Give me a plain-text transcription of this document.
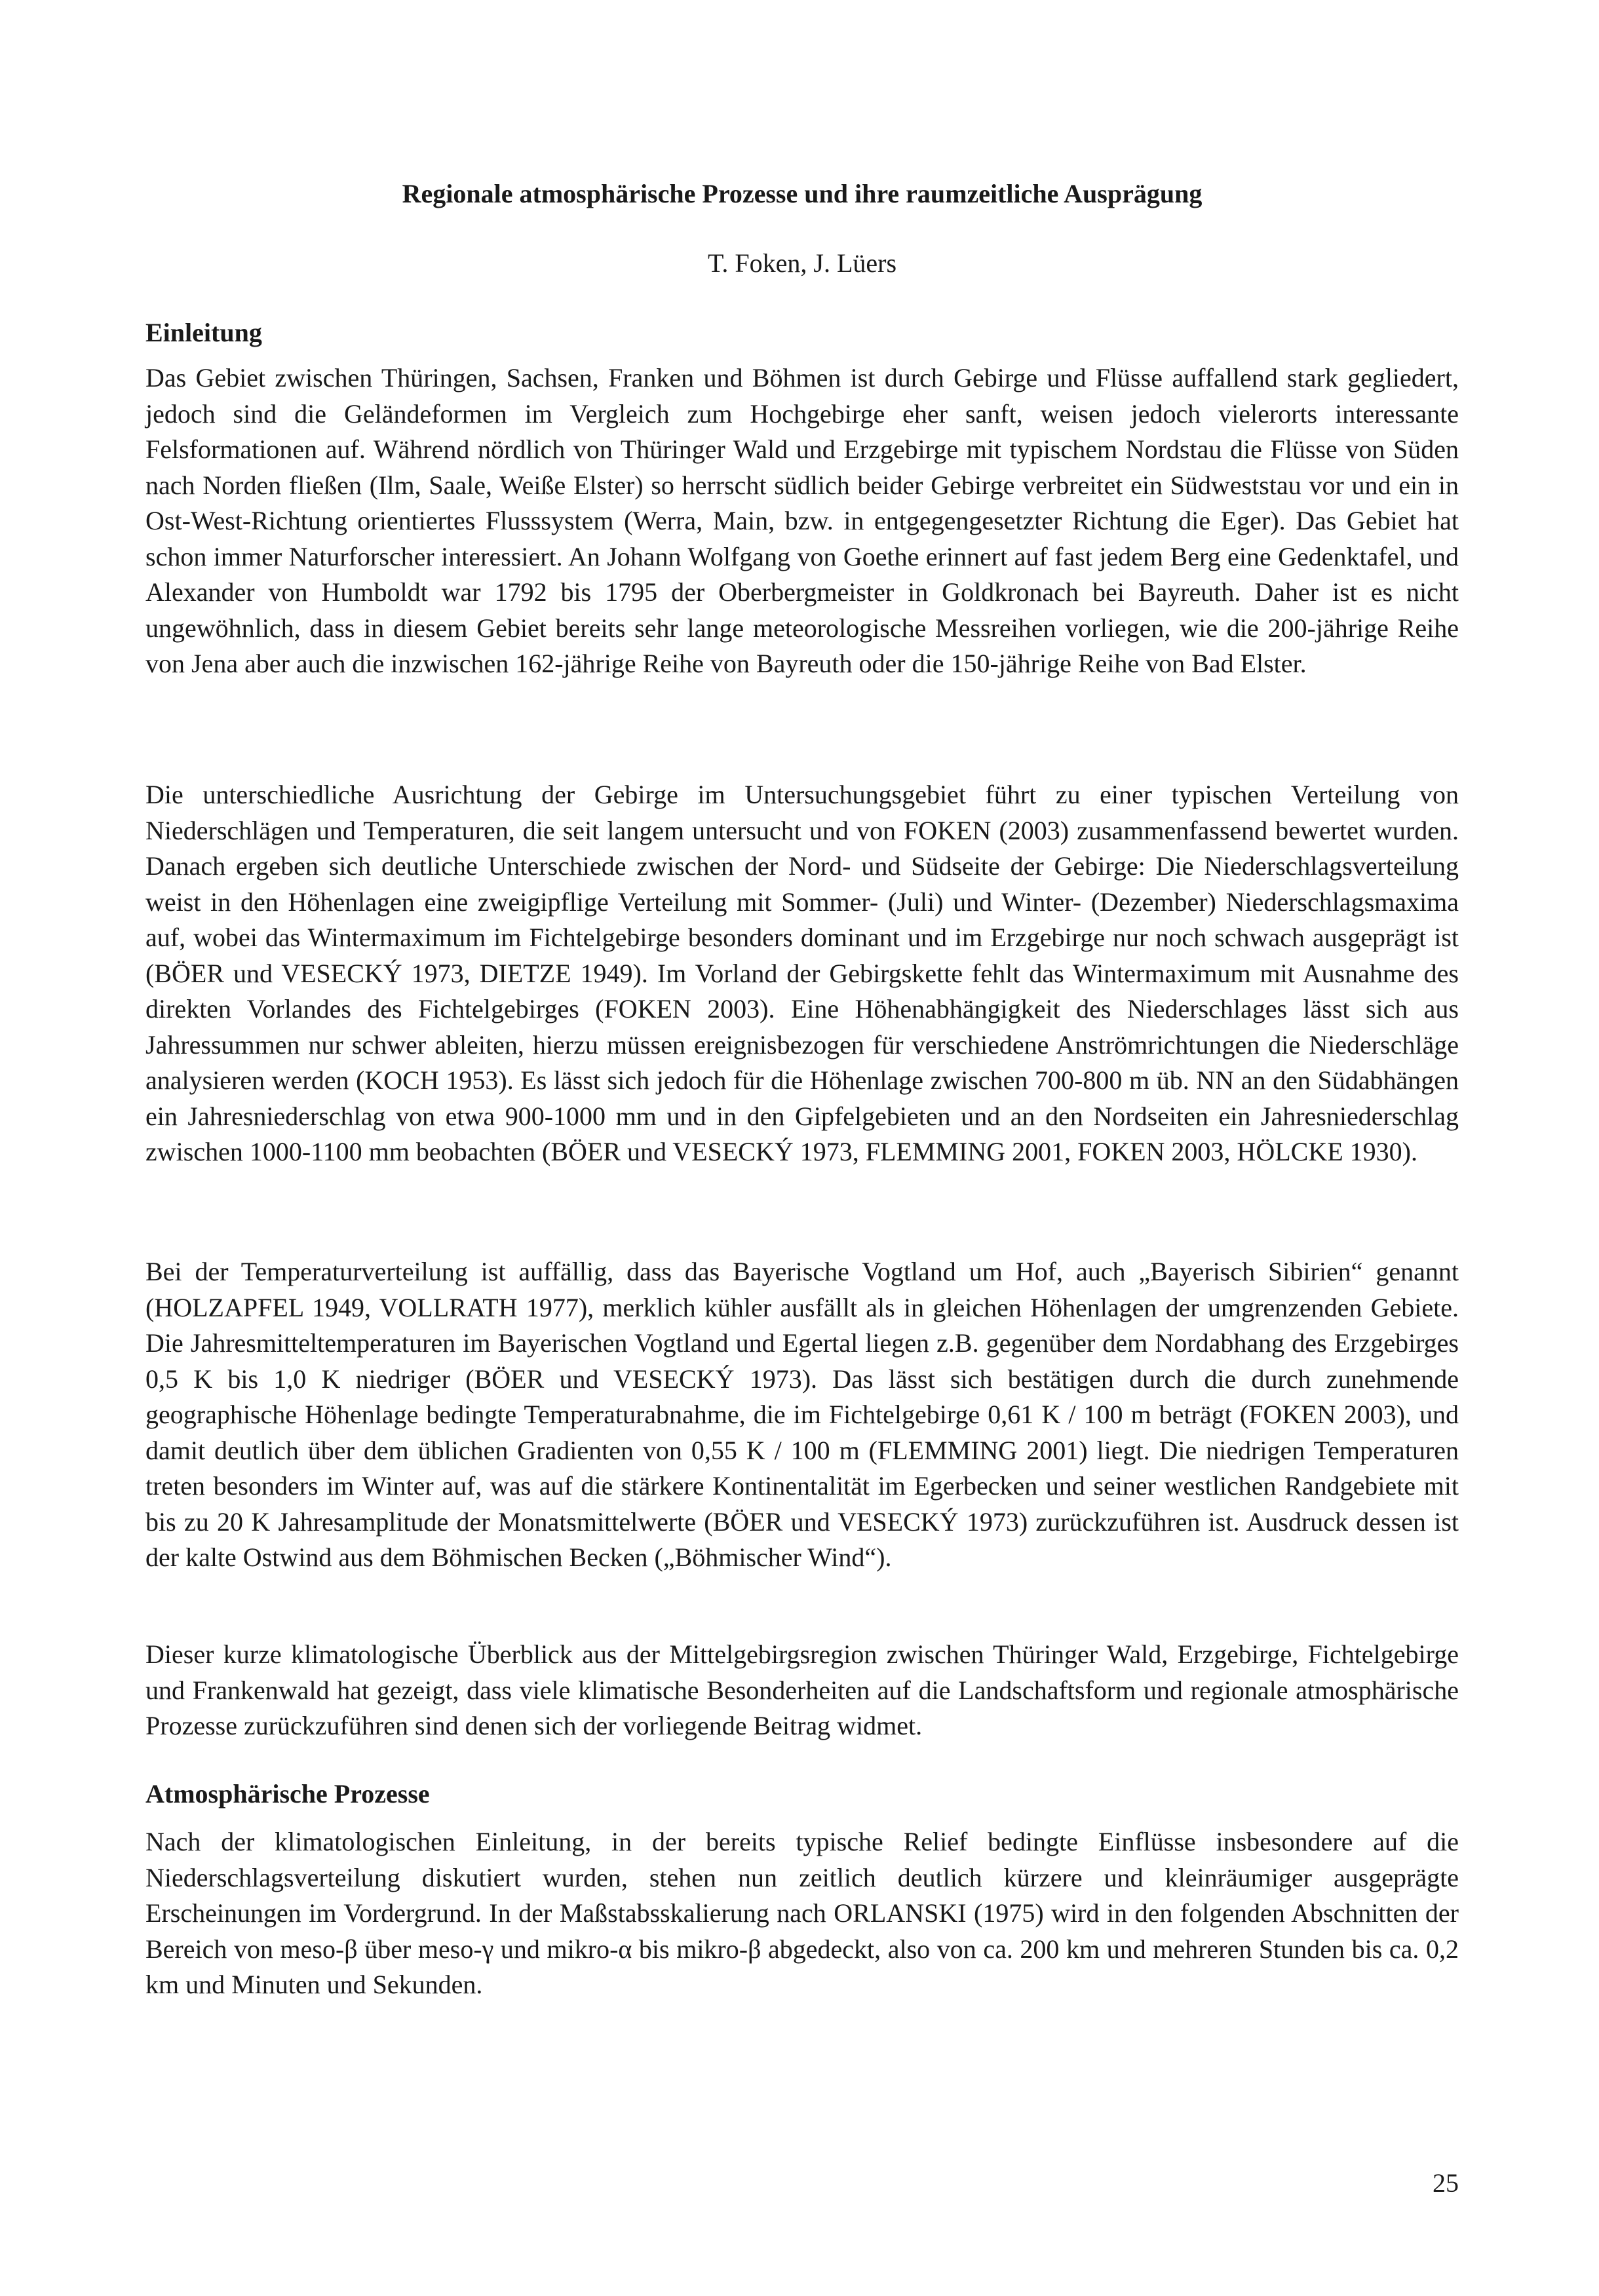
Regionale atmosphärische Prozesse und ihre raumzeitliche Ausprägung
T. Foken, J. Lüers
Einleitung

Das Gebiet zwischen Thüringen, Sachsen, Franken und Böhmen ist durch Gebirge und Flüsse auffallend stark gegliedert, jedoch sind die Geländeformen im Vergleich zum Hochgebirge eher sanft, weisen jedoch vielerorts interessante Felsformationen auf. Während nördlich von Thüringer Wald und Erzgebirge mit typischem Nordstau die Flüsse von Süden nach Norden fließen (Ilm, Saale, Weiße Elster) so herrscht südlich beider Gebirge verbreitet ein Südweststau vor und ein in Ost-West-Richtung orientiertes Flusssystem (Werra, Main, bzw. in entgegengesetzter Richtung die Eger). Das Gebiet hat schon immer Naturforscher interessiert. An Johann Wolfgang von Goethe erinnert auf fast jedem Berg eine Gedenktafel, und Alexander von Humboldt war 1792 bis 1795 der Oberbergmeister in Goldkronach bei Bayreuth. Daher ist es nicht ungewöhnlich, dass in diesem Gebiet bereits sehr lange meteorologische Messreihen vorliegen, wie die 200-jährige Reihe von Jena aber auch die inzwischen 162-jährige Reihe von Bayreuth oder die 150-jährige Reihe von Bad Elster.

Die unterschiedliche Ausrichtung der Gebirge im Untersuchungsgebiet führt zu einer typischen Verteilung von Niederschlägen und Temperaturen, die seit langem untersucht und von FOKEN (2003) zusammenfassend bewertet wurden. Danach ergeben sich deutliche Unterschiede zwischen der Nord- und Südseite der Gebirge: Die Niederschlagsverteilung weist in den Höhenlagen eine zweigipflige Verteilung mit Sommer- (Juli) und Winter- (Dezember) Niederschlagsmaxima auf, wobei das Wintermaximum im Fichtelgebirge besonders dominant und im Erzgebirge nur noch schwach ausgeprägt ist (BÖER und VESECKÝ 1973, DIETZE 1949). Im Vorland der Gebirgskette fehlt das Wintermaximum mit Ausnahme des direkten Vorlandes des Fichtelgebirges (FOKEN 2003). Eine Höhenabhängigkeit des Niederschlages lässt sich aus Jahressummen nur schwer ableiten, hierzu müssen ereignisbezogen für verschiedene Anströmrichtungen die Niederschläge analysieren werden (KOCH 1953). Es lässt sich jedoch für die Höhenlage zwischen 700-800 m üb. NN an den Südabhängen ein Jahresniederschlag von etwa 900-1000 mm und in den Gipfelgebieten und an den Nordseiten ein Jahresniederschlag zwischen 1000-1100 mm beobachten (BÖER und VESECKÝ 1973, FLEMMING 2001, FOKEN 2003, HÖLCKE 1930).

Bei der Temperaturverteilung ist auffällig, dass das Bayerische Vogtland um Hof, auch „Bayerisch Sibirien“ genannt (HOLZAPFEL 1949, VOLLRATH 1977), merklich kühler ausfällt als in gleichen Höhenlagen der umgrenzenden Gebiete. Die Jahresmitteltemperaturen im Bayerischen Vogtland und Egertal liegen z.B. gegenüber dem Nordabhang des Erzgebirges 0,5 K bis 1,0 K niedriger (BÖER und VESECKÝ 1973). Das lässt sich bestätigen durch die durch zunehmende geographische Höhenlage bedingte Temperaturabnahme, die im Fichtelgebirge 0,61 K / 100 m beträgt (FOKEN 2003), und damit deutlich über dem üblichen Gradienten von 0,55 K / 100 m (FLEMMING 2001) liegt. Die niedrigen Temperaturen treten besonders im Winter auf, was auf die stärkere Kontinentalität im Egerbecken und seiner westlichen Randgebiete mit bis zu 20 K Jahresamplitude der Monatsmittelwerte (BÖER und VESECKÝ 1973) zurückzuführen ist. Ausdruck dessen ist der kalte Ostwind aus dem Böhmischen Becken („Böhmischer Wind“).

Dieser kurze klimatologische Überblick aus der Mittelgebirgsregion zwischen Thüringer Wald, Erzgebirge, Fichtelgebirge und Frankenwald hat gezeigt, dass viele klimatische Besonderheiten auf die Landschaftsform und regionale atmosphärische Prozesse zurückzuführen sind denen sich der vorliegende Beitrag widmet.

Atmosphärische Prozesse

Nach der klimatologischen Einleitung, in der bereits typische Relief bedingte Einflüsse insbesondere auf die Niederschlagsverteilung diskutiert wurden, stehen nun zeitlich deutlich kürzere und kleinräumiger ausgeprägte Erscheinungen im Vordergrund. In der Maßstabsskalierung nach ORLANSKI (1975) wird in den folgenden Abschnitten der Bereich von meso-β über meso-γ und mikro-α bis mikro-β abgedeckt, also von ca. 200 km und mehreren Stunden bis ca. 0,2 km und Minuten und Sekunden.

25
